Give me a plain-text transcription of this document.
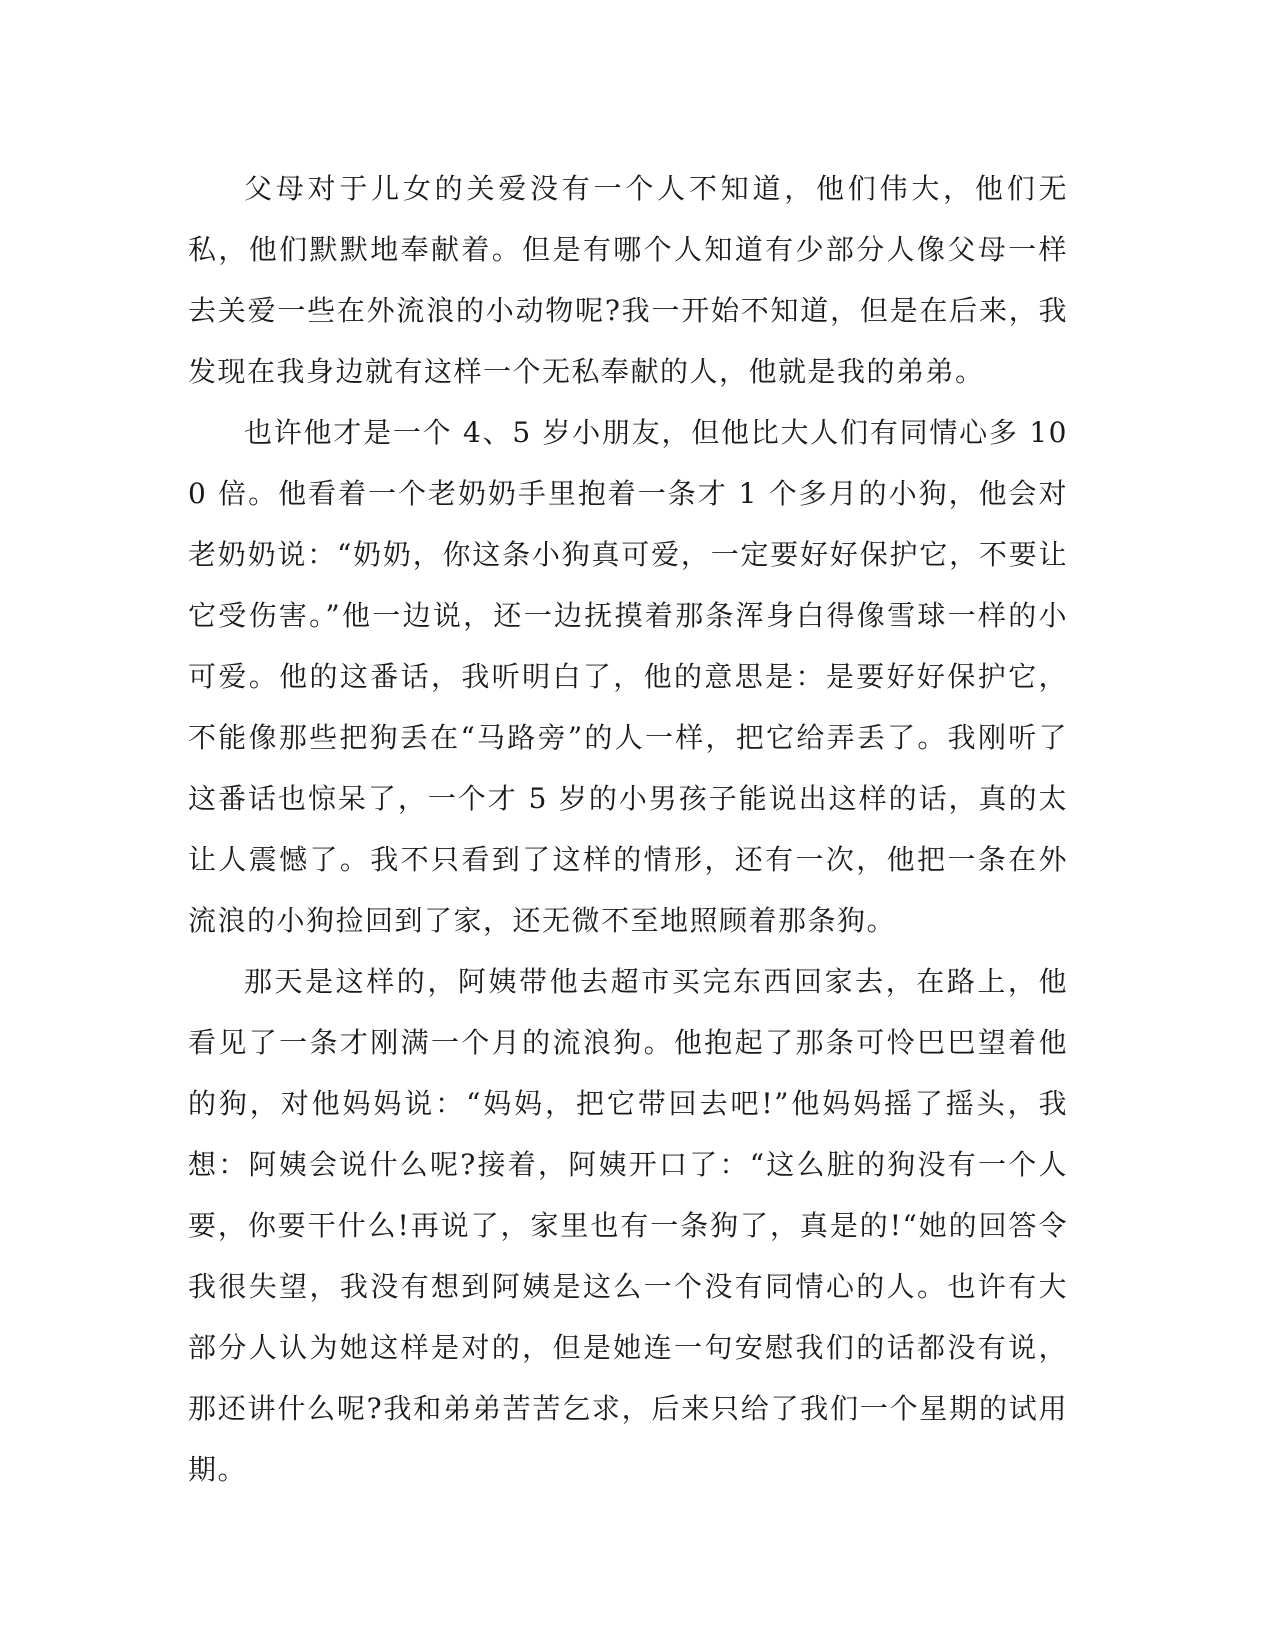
父母对于儿女的关爱没有一个人不知道，他们伟大，他们无私，他们默默地奉献着。但是有哪个人知道有少部分人像父母一样去关爱一些在外流浪的小动物呢?我一开始不知道，但是在后来，我发现在我身边就有这样一个无私奉献的人，他就是我的弟弟。

也许他才是一个 4、5 岁小朋友，但他比大人们有同情心多 100 倍。他看着一个老奶奶手里抱着一条才 1 个多月的小狗，他会对老奶奶说：“奶奶，你这条小狗真可爱，一定要好好保护它，不要让它受伤害。”他一边说，还一边抚摸着那条浑身白得像雪球一样的小可爱。他的这番话，我听明白了，他的意思是：是要好好保护它，不能像那些把狗丢在“马路旁”的人一样，把它给弄丢了。我刚听了这番话也惊呆了，一个才 5 岁的小男孩子能说出这样的话，真的太让人震憾了。我不只看到了这样的情形，还有一次，他把一条在外流浪的小狗捡回到了家，还无微不至地照顾着那条狗。

那天是这样的，阿姨带他去超市买完东西回家去，在路上，他看见了一条才刚满一个月的流浪狗。他抱起了那条可怜巴巴望着他的狗，对他妈妈说：“妈妈，把它带回去吧!”他妈妈摇了摇头，我想：阿姨会说什么呢?接着，阿姨开口了：“这么脏的狗没有一个人要，你要干什么!再说了，家里也有一条狗了，真是的!“她的回答令我很失望，我没有想到阿姨是这么一个没有同情心的人。也许有大部分人认为她这样是对的，但是她连一句安慰我们的话都没有说，那还讲什么呢?我和弟弟苦苦乞求，后来只给了我们一个星期的试用期。
